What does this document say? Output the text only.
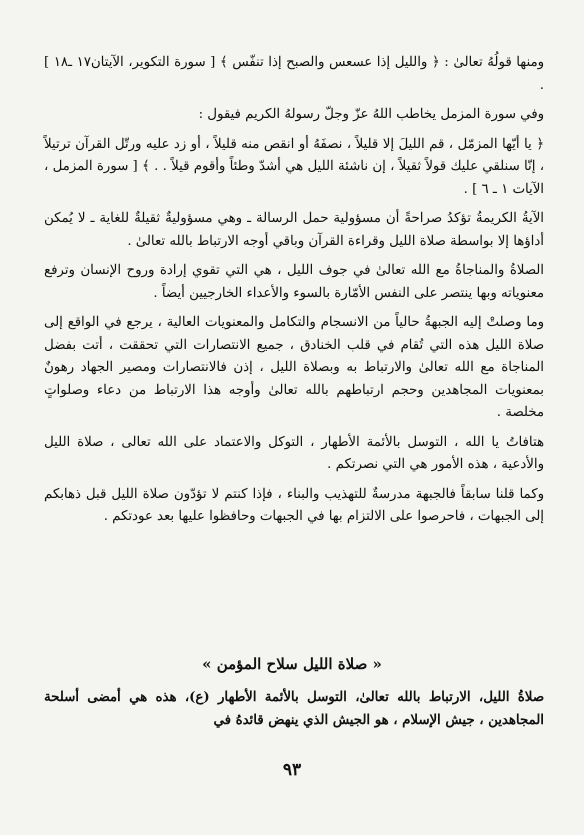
ومنها قولُهُ تعالىٰ : ﴿ والليل إذا عسعس والصبح إذا تنفّس ﴾ [ سورة التكوير، الآيتان١٧ ـ١٨ ] .

وفي سورة المزمل يخاطب اللهُ عزّ وجلّ رسولهُ الكريم فيقول :

﴿ يا أيّها المزمّل ، قم الليلَ إلا قليلاً ، نصفَهُ أو انقص منه قليلاً ، أو زد عليه ورتّل القرآن ترتيلاً ، إنّا سنلقي عليك قولاً ثقيلاً ، إن ناشئة الليل هي أشدّ وطئاً وأقوم قيلاً . . ﴾ [ سورة المزمل ، الآيات ١ ـ ٦ ] .

الآيةُ الكريمةُ تؤكدُ صراحةً أن مسؤولية حمل الرسالة ـ وهي مسؤوليةٌ ثقيلةٌ للغاية ـ لا يُمكن أداؤها إلا بواسطة صلاة الليل وقراءة القرآن وباقي أوجه الارتباط بالله تعالىٰ .

الصلاةُ والمناجاةُ مع الله تعالىٰ في جوف الليل ، هي التي تقوي إرادة وروح الإنسان وترفع معنوياته وبها ينتصر على النفس الأمّارة بالسوء والأعداء الخارجيين أيضاً .

وما وصلتْ إليه الجبهةُ حالياً من الانسجام والتكامل والمعنويات العالية ، يرجع في الواقع إلى صلاة الليل هذه التي تُقام في قلب الخنادق ، جميع الانتصارات التي تحققت ، أتت بفضل المناجاة مع الله تعالىٰ والارتباط به وبصلاة الليل ، إذن فالانتصارات ومصير الجهاد رهونٌ بمعنويات المجاهدين وحجم ارتباطهم بالله تعالىٰ وأوجه هذا الارتباط من دعاء وصلواتٍ مخلصة .

هتافاتُ يا الله ، التوسل بالأئمة الأطهار ، التوكل والاعتماد على الله تعالى ، صلاة الليل والأدعية ، هذه الأمور هي التي نصرتكم .

وكما قلنا سابقاً فالجبهة مدرسةٌ للتهذيب والبناء ، فإذا كنتم لا تؤدّون صلاة الليل قبل ذهابكم إلى الجبهات ، فاحرصوا على الالتزام بها في الجبهات وحافظوا عليها بعد عودتكم .

« صلاة الليل سلاح المؤمن »
صلاةُ الليل، الارتباط بالله تعالىٰ، التوسل بالأئمة الأطهار (ع)، هذه هي أمضى أسلحة المجاهدين ، جيش الإسلام ، هو الجيش الذي ينهض قائدهُ في
٩٣
